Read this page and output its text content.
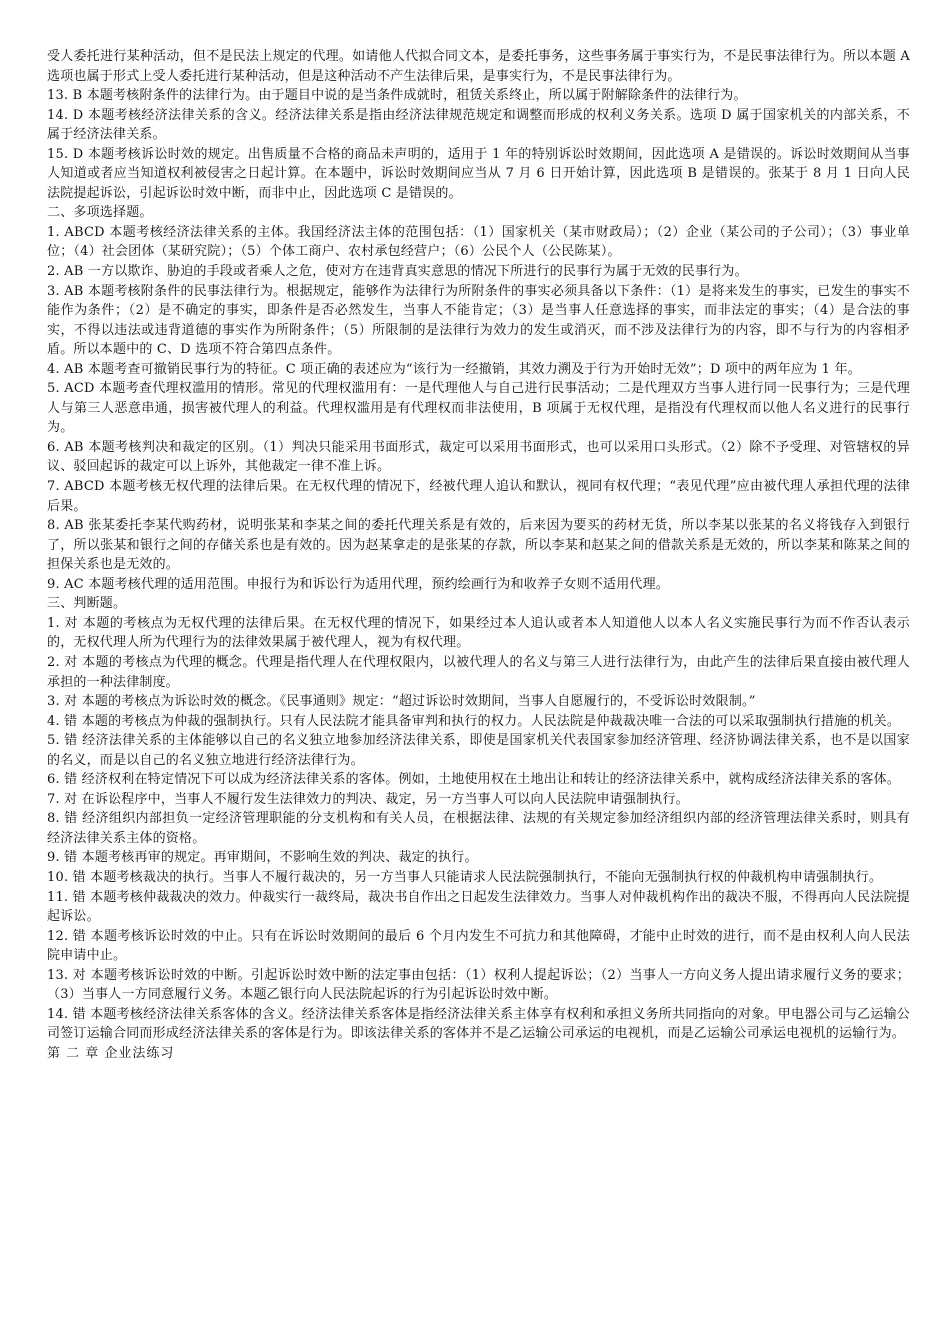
受人委托进行某种活动，但不是民法上规定的代理。如请他人代拟合同文本，是委托事务，这些事务属于事实行为，不是民事法律行为。所以本题 A 选项也属于形式上受人委托进行某种活动，但是这种活动不产生法律后果，是事实行为，不是民事法律行为。

13. B 本题考核附条件的法律行为。由于题目中说的是当条件成就时，租赁关系终止，所以属于附解除条件的法律行为。

14. D 本题考核经济法律关系的含义。经济法律关系是指由经济法律规范规定和调整而形成的权利义务关系。选项 D 属于国家机关的内部关系，不属于经济法律关系。

15. D 本题考核诉讼时效的规定。出售质量不合格的商品未声明的，适用于 1 年的特别诉讼时效期间，因此选项 A 是错误的。诉讼时效期间从当事人知道或者应当知道权利被侵害之日起计算。在本题中，诉讼时效期间应当从 7 月 6 日开始计算，因此选项 B 是错误的。张某于 8 月 1 日向人民法院提起诉讼，引起诉讼时效中断，而非中止，因此选项 C 是错误的。

二、多项选择题。

1. ABCD 本题考核经济法律关系的主体。我国经济法主体的范围包括：（1）国家机关（某市财政局）；（2）企业（某公司的子公司）；（3）事业单位；（4）社会团体（某研究院）；（5）个体工商户、农村承包经营户；（6）公民个人（公民陈某）。

2. AB 一方以欺诈、胁迫的手段或者乘人之危，使对方在违背真实意思的情况下所进行的民事行为属于无效的民事行为。

3. AB 本题考核附条件的民事法律行为。根据规定，能够作为法律行为所附条件的事实必须具备以下条件：（1）是将来发生的事实，已发生的事实不能作为条件；（2）是不确定的事实，即条件是否必然发生，当事人不能肯定；（3）是当事人任意选择的事实，而非法定的事实；（4）是合法的事实，不得以违法或违背道德的事实作为所附条件；（5）所限制的是法律行为效力的发生或消灭，而不涉及法律行为的内容，即不与行为的内容相矛盾。所以本题中的 C、D 选项不符合第四点条件。

4. AB 本题考查可撤销民事行为的特征。C 项正确的表述应为“该行为一经撤销，其效力溯及于行为开始时无效”；D 项中的两年应为 1 年。

5. ACD 本题考查代理权滥用的情形。常见的代理权滥用有：一是代理他人与自己进行民事活动；二是代理双方当事人进行同一民事行为；三是代理人与第三人恶意串通，损害被代理人的利益。代理权滥用是有代理权而非法使用，B 项属于无权代理，是指没有代理权而以他人名义进行的民事行为。

6. AB 本题考核判决和裁定的区别。（1）判决只能采用书面形式，裁定可以采用书面形式，也可以采用口头形式。（2）除不予受理、对管辖权的异议、驳回起诉的裁定可以上诉外，其他裁定一律不准上诉。

7. ABCD 本题考核无权代理的法律后果。在无权代理的情况下，经被代理人追认和默认，视同有权代理；“表见代理”应由被代理人承担代理的法律后果。

8. AB 张某委托李某代购药材，说明张某和李某之间的委托代理关系是有效的，后来因为要买的药材无货，所以李某以张某的名义将钱存入到银行了，所以张某和银行之间的存储关系也是有效的。因为赵某拿走的是张某的存款，所以李某和赵某之间的借款关系是无效的，所以李某和陈某之间的担保关系也是无效的。

9. AC 本题考核代理的适用范围。申报行为和诉讼行为适用代理，预约绘画行为和收养子女则不适用代理。

三、判断题。

1. 对 本题的考核点为无权代理的法律后果。在无权代理的情况下，如果经过本人追认或者本人知道他人以本人名义实施民事行为而不作否认表示的，无权代理人所为代理行为的法律效果属于被代理人，视为有权代理。

2. 对 本题的考核点为代理的概念。代理是指代理人在代理权限内，以被代理人的名义与第三人进行法律行为，由此产生的法律后果直接由被代理人承担的一种法律制度。

3. 对 本题的考核点为诉讼时效的概念。《民事通则》规定：“超过诉讼时效期间，当事人自愿履行的，不受诉讼时效限制。”

4. 错 本题的考核点为仲裁的强制执行。只有人民法院才能具备审判和执行的权力。人民法院是仲裁裁决唯一合法的可以采取强制执行措施的机关。

5. 错 经济法律关系的主体能够以自己的名义独立地参加经济法律关系，即使是国家机关代表国家参加经济管理、经济协调法律关系，也不是以国家的名义，而是以自己的名义独立地进行经济法律行为。

6. 错 经济权利在特定情况下可以成为经济法律关系的客体。例如，土地使用权在土地出让和转让的经济法律关系中，就构成经济法律关系的客体。

7. 对 在诉讼程序中，当事人不履行发生法律效力的判决、裁定，另一方当事人可以向人民法院申请强制执行。

8. 错 经济组织内部担负一定经济管理职能的分支机构和有关人员，在根据法律、法规的有关规定参加经济组织内部的经济管理法律关系时，则具有经济法律关系主体的资格。

9. 错 本题考核再审的规定。再审期间，不影响生效的判决、裁定的执行。

10. 错 本题考核裁决的执行。当事人不履行裁决的，另一方当事人只能请求人民法院强制执行，不能向无强制执行权的仲裁机构申请强制执行。

11. 错 本题考核仲裁裁决的效力。仲裁实行一裁终局，裁决书自作出之日起发生法律效力。当事人对仲裁机构作出的裁决不服，不得再向人民法院提起诉讼。

12. 错 本题考核诉讼时效的中止。只有在诉讼时效期间的最后 6 个月内发生不可抗力和其他障碍，才能中止时效的进行，而不是由权利人向人民法院申请中止。

13. 对 本题考核诉讼时效的中断。引起诉讼时效中断的法定事由包括：（1）权利人提起诉讼；（2）当事人一方向义务人提出请求履行义务的要求；（3）当事人一方同意履行义务。本题乙银行向人民法院起诉的行为引起诉讼时效中断。

14. 错 本题考核经济法律关系客体的含义。经济法律关系客体是指经济法律关系主体享有权利和承担义务所共同指向的对象。甲电器公司与乙运输公司签订运输合同而形成经济法律关系的客体是行为。即该法律关系的客体并不是乙运输公司承运的电视机，而是乙运输公司承运电视机的运输行为。

第 二 章 企业法练习
